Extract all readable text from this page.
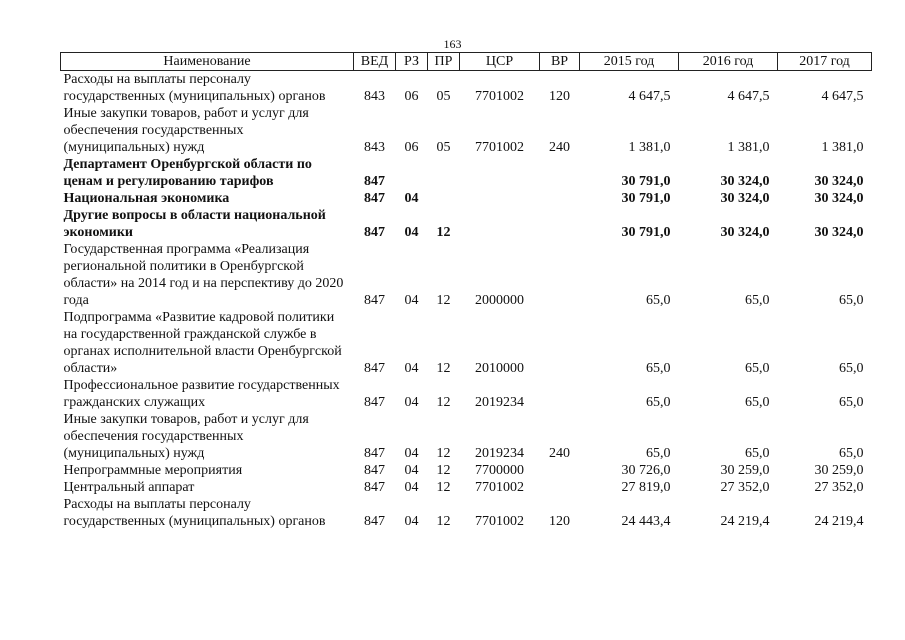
163
Наименование	ВЕД	РЗ	ПР	ЦСР	ВР	2015 год	2016 год	2017 год
Расходы на выплаты персоналу государственных (муниципальных) органов	843	06	05	7701002	120	4 647,5	4 647,5	4 647,5
Иные закупки товаров, работ и услуг для обеспечения государственных (муниципальных) нужд	843	06	05	7701002	240	1 381,0	1 381,0	1 381,0
Департамент Оренбургской области по ценам и регулированию тарифов	847					30 791,0	30 324,0	30 324,0
Национальная экономика	847	04				30 791,0	30 324,0	30 324,0
Другие вопросы в области национальной экономики	847	04	12			30 791,0	30 324,0	30 324,0
Государственная программа «Реализация региональной политики в Оренбургской области» на 2014 год и на перспективу до 2020 года	847	04	12	2000000		65,0	65,0	65,0
Подпрограмма «Развитие кадровой политики на государственной гражданской службе в органах исполнительной власти Оренбургской области»	847	04	12	2010000		65,0	65,0	65,0
Профессиональное развитие государственных гражданских служащих	847	04	12	2019234		65,0	65,0	65,0
Иные закупки товаров, работ и услуг для обеспечения государственных (муниципальных) нужд	847	04	12	2019234	240	65,0	65,0	65,0
Непрограммные мероприятия	847	04	12	7700000		30 726,0	30 259,0	30 259,0
Центральный аппарат	847	04	12	7701002		27 819,0	27 352,0	27 352,0
Расходы на выплаты персоналу государственных (муниципальных) органов	847	04	12	7701002	120	24 443,4	24 219,4	24 219,4
